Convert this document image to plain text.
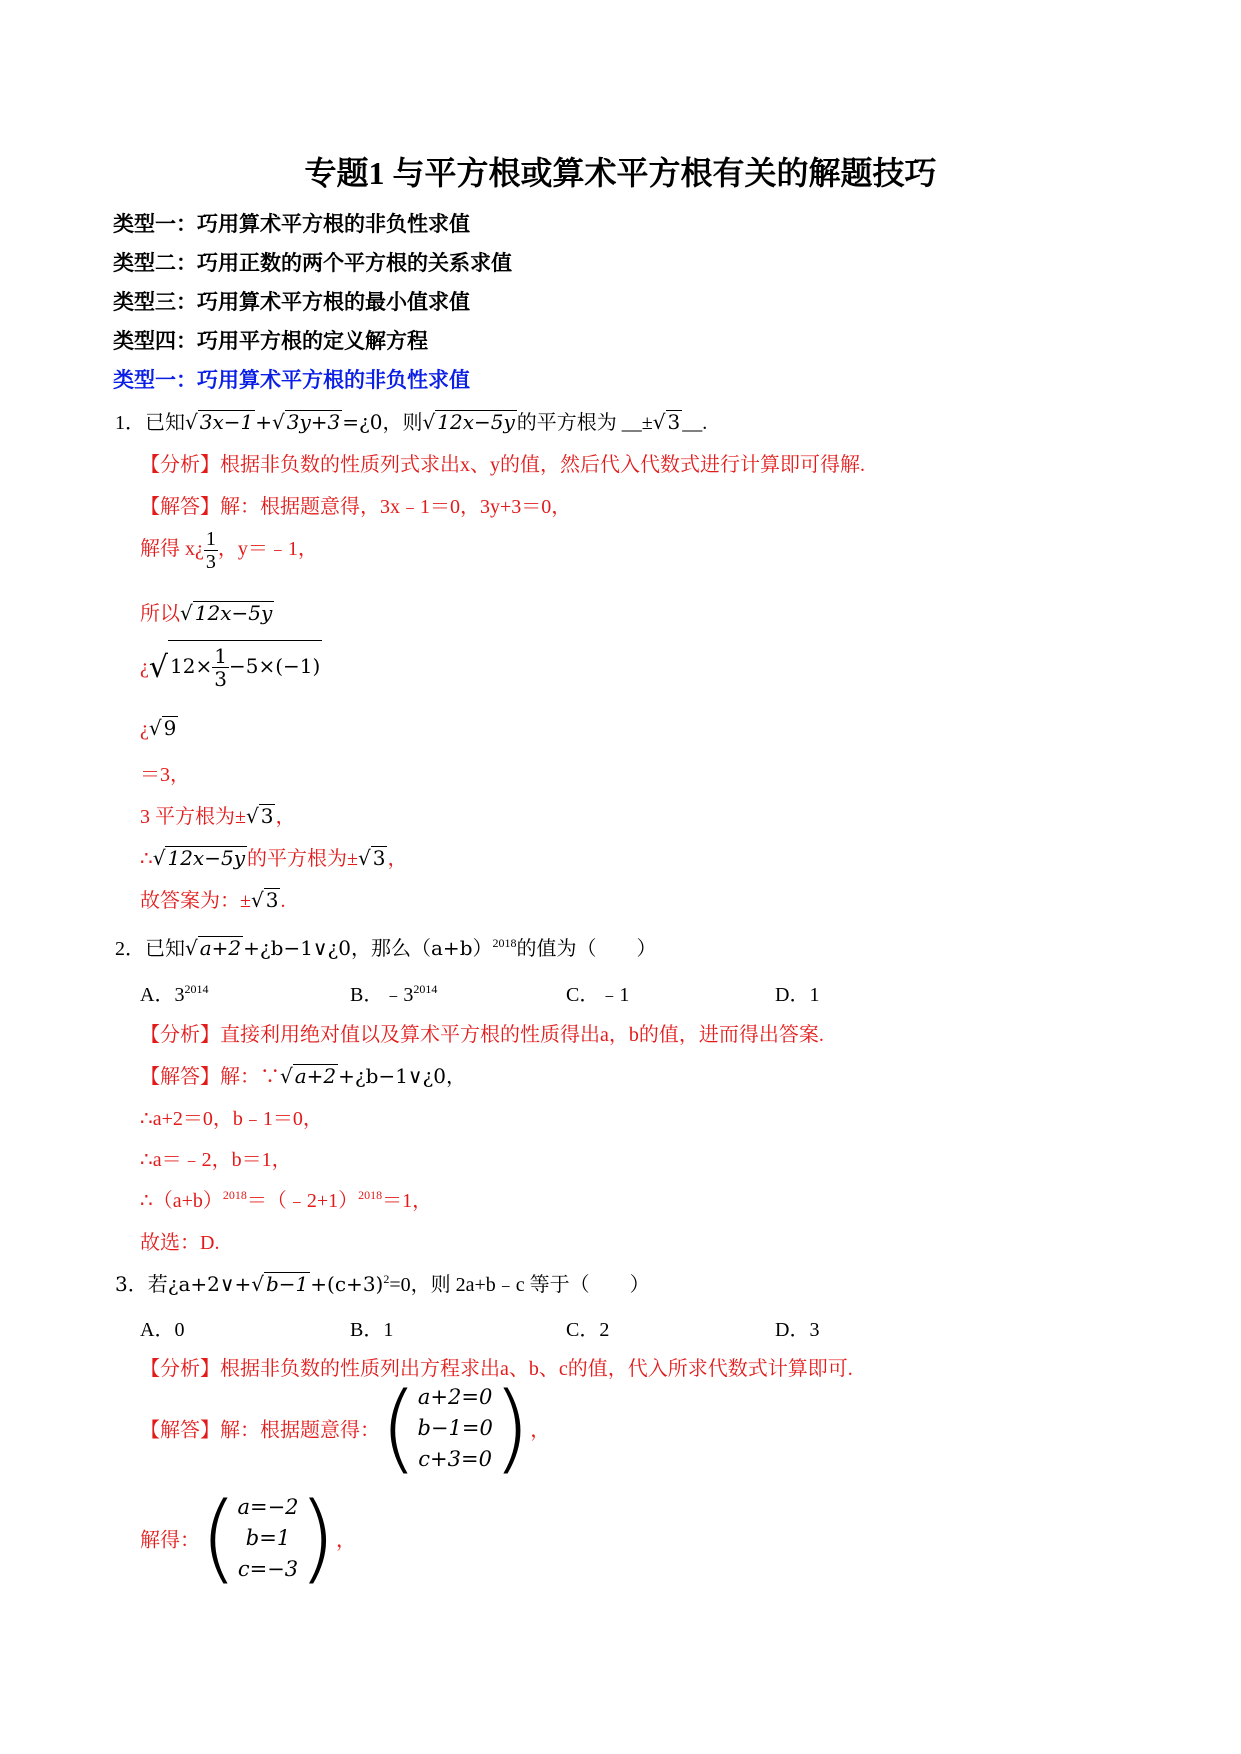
专题1 与平方根或算术平方根有关的解题技巧
类型一：巧用算术平方根的非负性求值
类型二：巧用正数的两个平方根的关系求值
类型三：巧用算术平方根的最小值求值
类型四：巧用平方根的定义解方程
类型一：巧用算术平方根的非负性求值
1．已知√ 3x−1 +√ 3y+3 =¿0，则√ 12x−5y 的平方根为 __±√ 3 __.
【分析】根据非负数的性质列式求出x、y的值，然后代入代数式进行计算即可得解.
【解答】解：根据题意得，3x﹣1＝0，3y+3＝0，
解得 x¿ $\frac{1}{3}$ ，y＝﹣1，
所以√ 12x−5y
¿√ $12\times \frac{1}{3} -5\times(-1)$
¿√ 9
＝3，
3 平方根为±√ 3 ，
∴√ 12x−5y 的平方根为±√ 3 ，
故答案为：±√ 3 .
2．已知√ a+2 +¿b−1∨¿0，那么$(a+b)^{2018}$的值为（　　）
A．$3^{2014}$	B．$﹣3^{2014}$	C．﹣1	D．1
【分析】直接利用绝对值以及算术平方根的性质得出a，b的值，进而得出答案.
【解答】解：∵√ a+2 +¿b−1∨¿0，
∴a+2＝0，b﹣1＝0，
∴a＝﹣2，b＝1，
$\therefore(a+b)^{2018}=(﹣2+1)^{2018}=1$，
故选：D.
3．若¿a+2∨+√ $b-1 +(c+3)^2=0$，则 2a+b﹣c 等于（　　）
A．0	B．1	C．2	D．3
【分析】根据非负数的性质列出方程求出a、b、c的值，代入所求代数式计算即可.
【解答】解：根据题意得： ( a+2=0
b−1=0
c+3=0 ) ，
解得： ( a=−2
b=1
c=−3 ) ，
